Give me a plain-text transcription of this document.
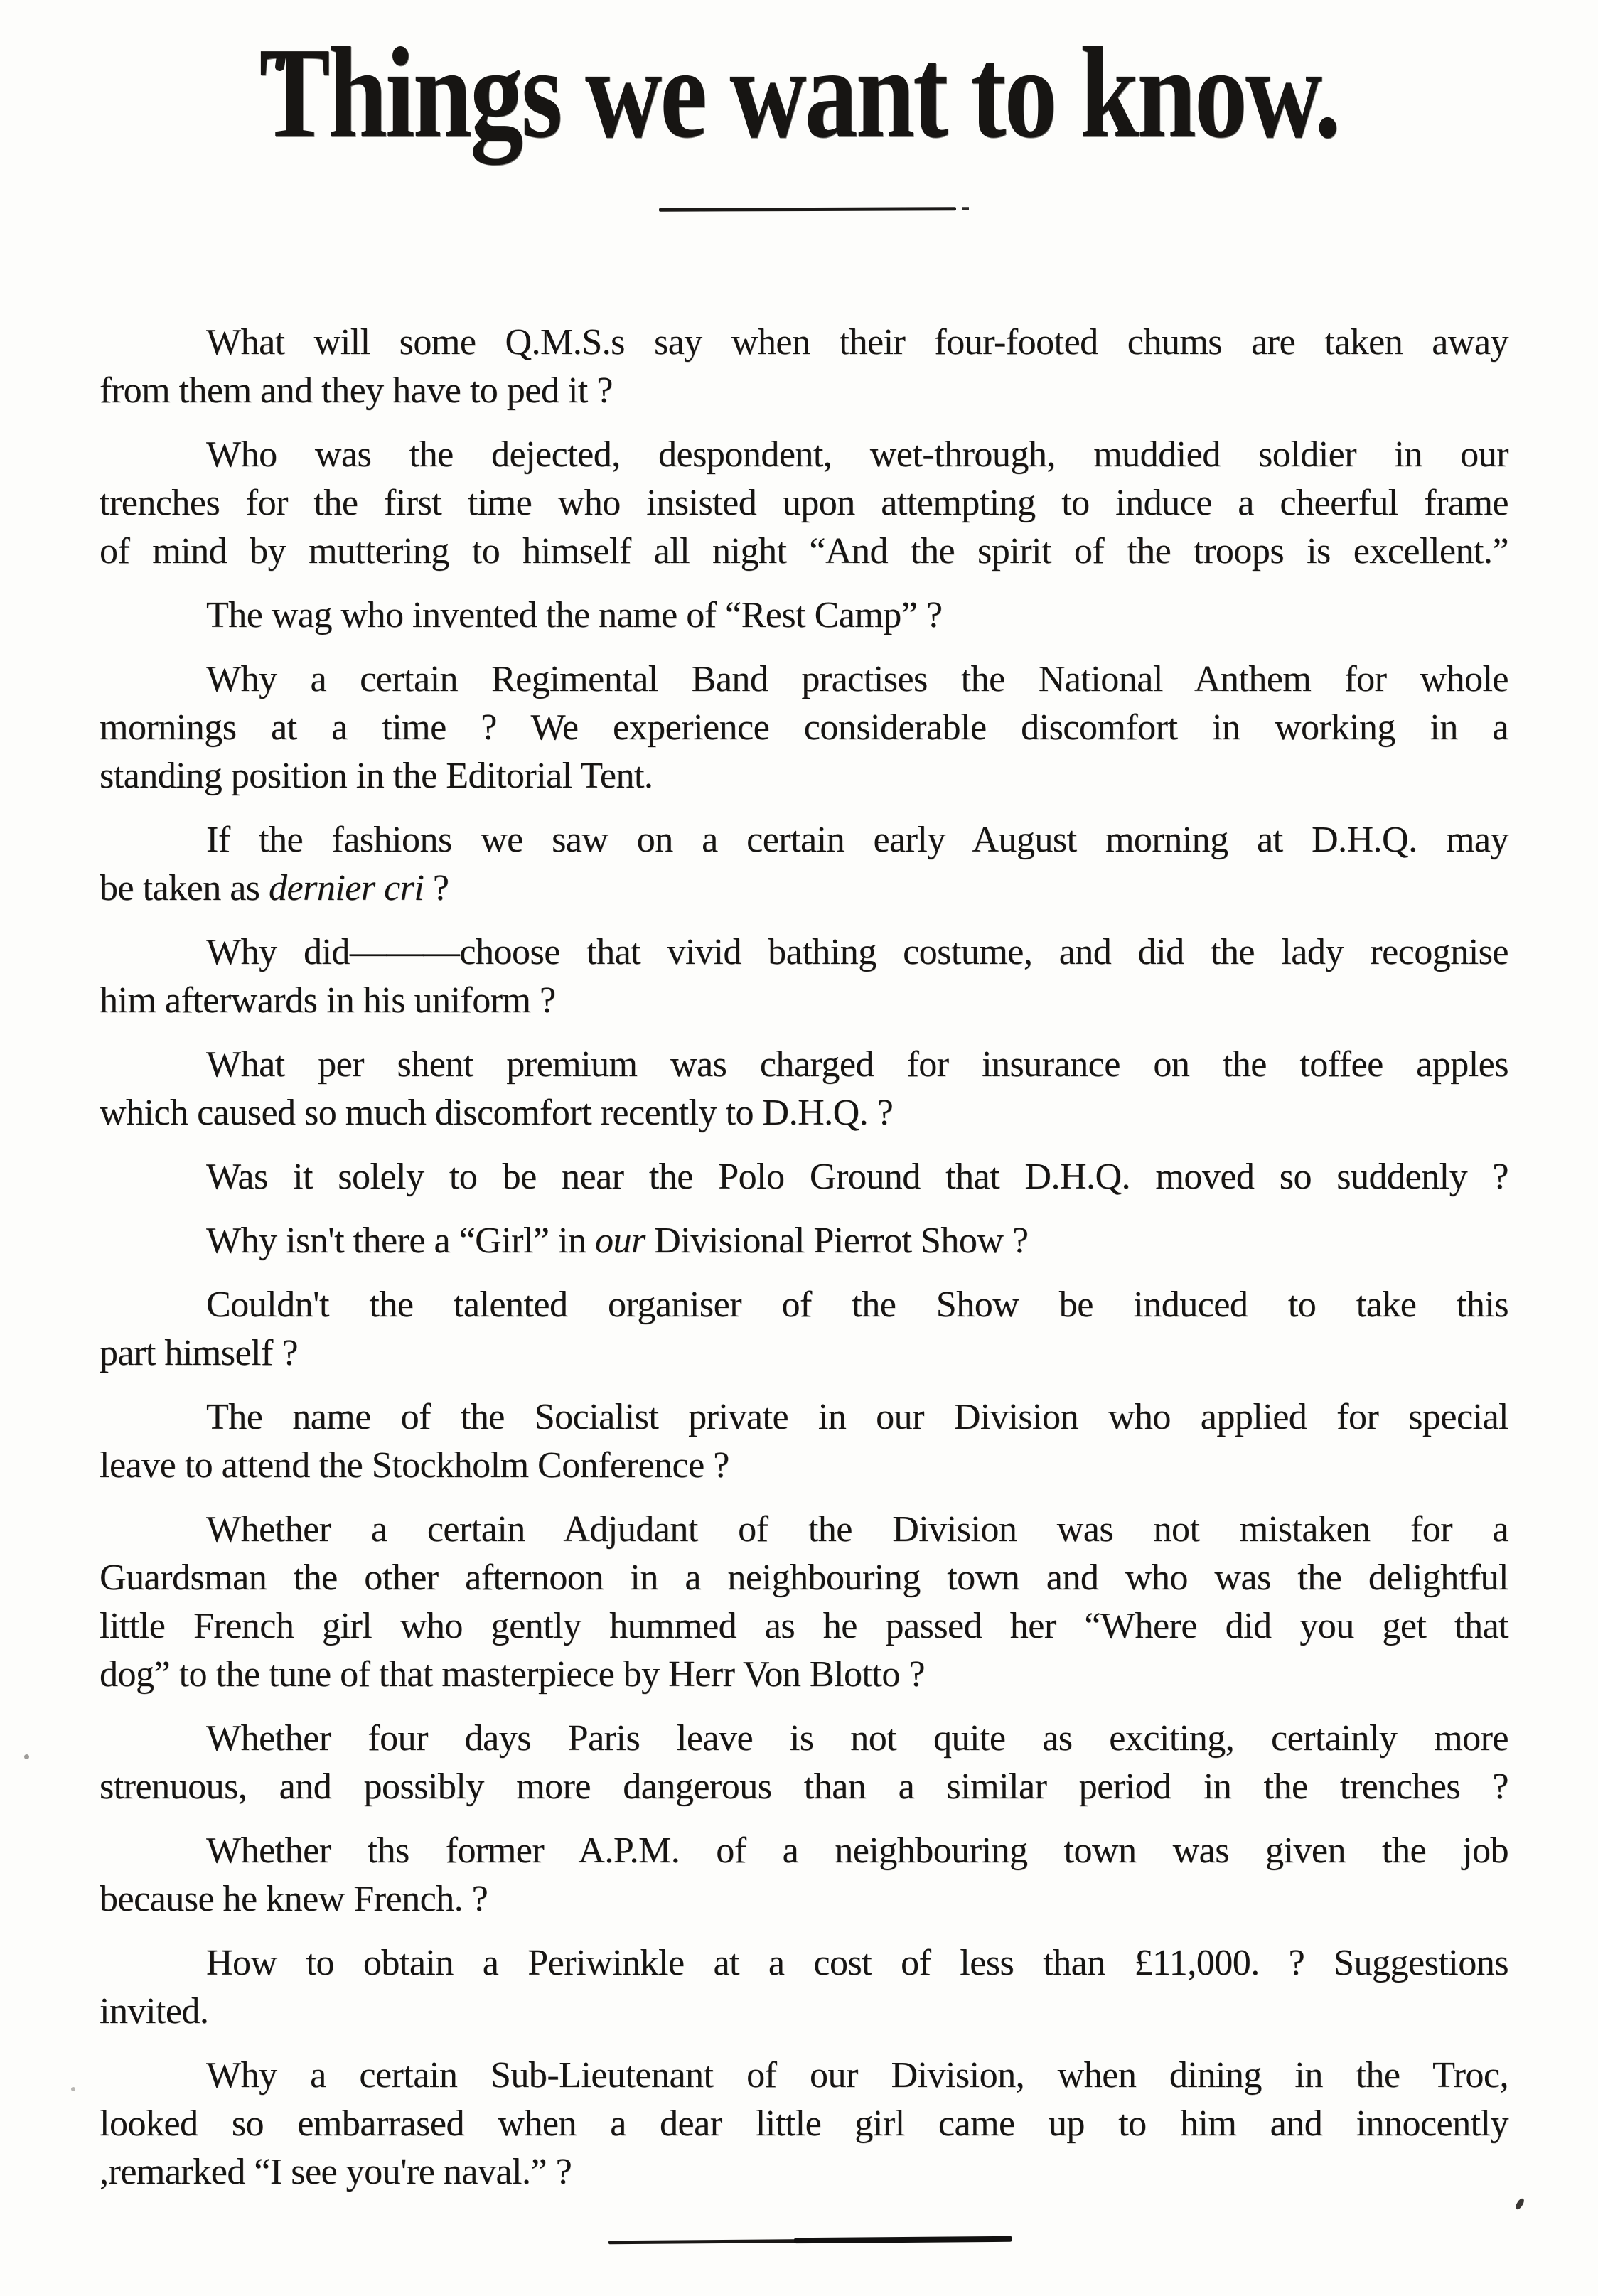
Things we want to know.
What will some Q.M.S.s say when their four-footed chums are taken away
from them and they have to ped it ?
Who was the dejected, despondent, wet-through, muddied soldier in our
trenches for the first time who insisted upon attempting to induce a cheerful frame
of mind by muttering to himself all night “And the spirit of the troops is excellent.”
The wag who invented the name of “Rest Camp” ?
Why a certain Regimental Band practises the National Anthem for whole
mornings at a time ? We experience considerable discomfort in working in a
standing position in the Editorial Tent.
If the fashions we saw on a certain early August morning at D.H.Q. may
be taken as dernier cri ?
Why did———choose that vivid bathing costume, and did the lady recognise
him afterwards in his uniform ?
What per shent premium was charged for insurance on the toffee apples
which caused so much discomfort recently to D.H.Q. ?
Was it solely to be near the Polo Ground that D.H.Q. moved so suddenly ?
Why isn't there a “Girl” in our Divisional Pierrot Show ?
Couldn't the talented organiser of the Show be induced to take this
part himself ?
The name of the Socialist private in our Division who applied for special
leave to attend the Stockholm Conference ?
Whether a certain Adjudant of the Division was not mistaken for a
Guardsman the other afternoon in a neighbouring town and who was the delightful
little French girl who gently hummed as he passed her “Where did you get that
dog” to the tune of that masterpiece by Herr Von Blotto ?
Whether four days Paris leave is not quite as exciting, certainly more
strenuous, and possibly more dangerous than a similar period in the trenches ?
Whether ths former A.P.M. of a neighbouring town was given the job
because he knew French. ?
How to obtain a Periwinkle at a cost of less than £11,000. ? Suggestions
invited.
Why a certain Sub-Lieutenant of our Division, when dining in the Troc,
looked so embarrased when a dear little girl came up to him and innocently
,remarked “I see you're naval.” ?
